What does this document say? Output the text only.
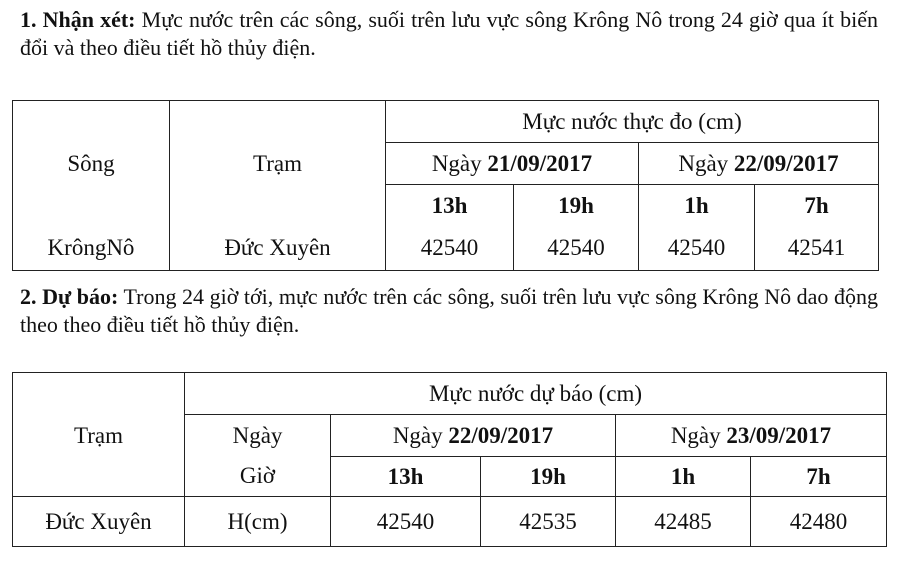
1. Nhận xét: Mực nước trên các sông, suối trên lưu vực sông Krông Nô trong 24 giờ qua ít biến đổi và theo điều tiết hồ thủy điện.
		Mực nước thực đo (cm)			
Sông	Trạm	Ngày 21/09/2017		Ngày 22/09/2017	
		13h	19h	1h	7h
KrôngNô	Đức Xuyên	42540	42540	42540	42541
2. Dự báo: Trong 24 giờ tới, mực nước trên các sông, suối trên lưu vực sông Krông Nô dao động theo theo điều tiết hồ thủy điện.
	Mực nước dự báo (cm)				
Trạm	Ngày	Ngày 22/09/2017		Ngày 23/09/2017	
	Giờ	13h	19h	1h	7h
Đức Xuyên	H(cm)	42540	42535	42485	42480
